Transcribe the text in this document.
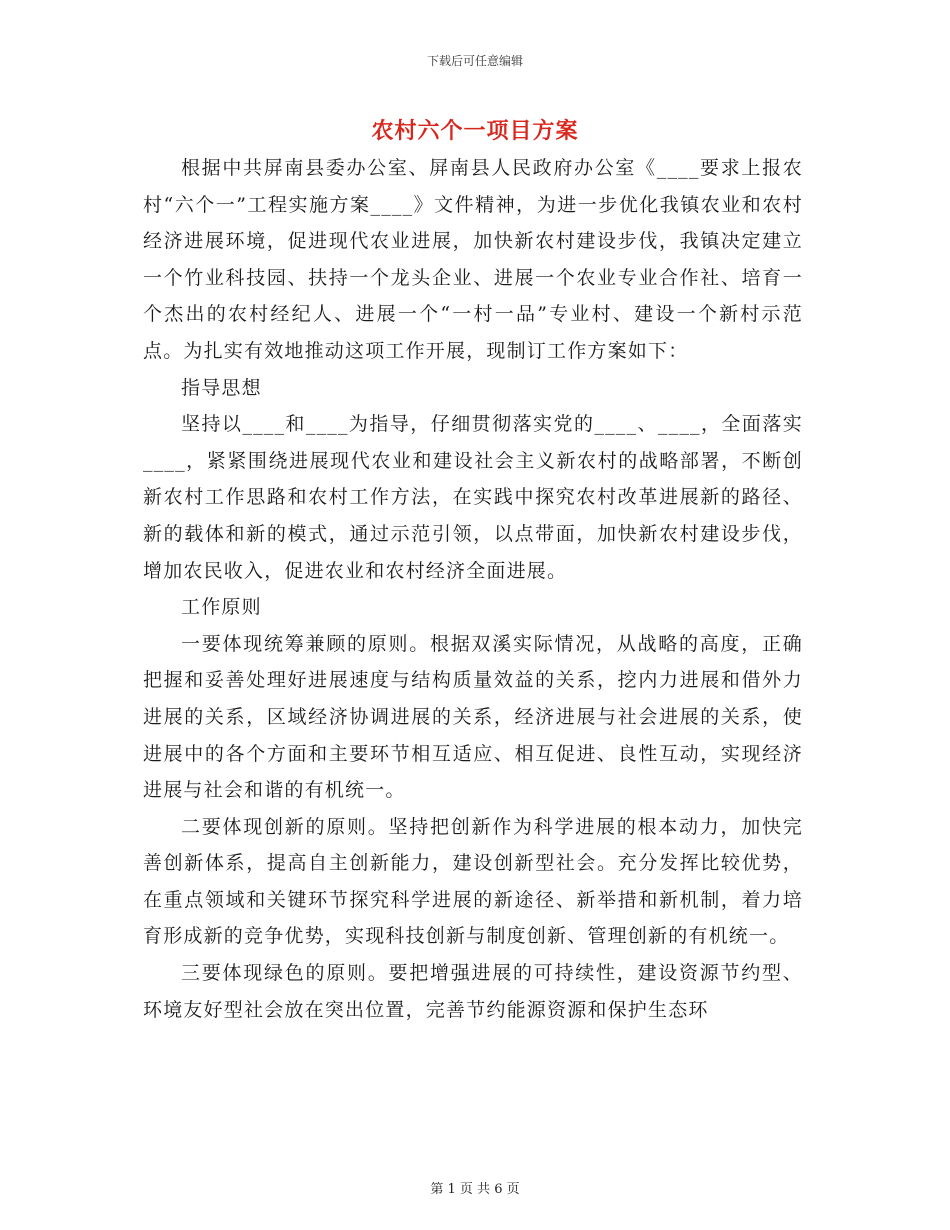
下载后可任意编辑
农村六个一项目方案

根据中共屏南县委办公室、屏南县人民政府办公室《____要求上报农村“六个一”工程实施方案____》文件精神，为进一步优化我镇农业和农村经济进展环境，促进现代农业进展，加快新农村建设步伐，我镇决定建立一个竹业科技园、扶持一个龙头企业、进展一个农业专业合作社、培育一个杰出的农村经纪人、进展一个“一村一品”专业村、建设一个新村示范点。为扎实有效地推动这项工作开展，现制订工作方案如下：

指导思想

坚持以____和____为指导，仔细贯彻落实党的____、____，全面落实____，紧紧围绕进展现代农业和建设社会主义新农村的战略部署，不断创新农村工作思路和农村工作方法，在实践中探究农村改革进展新的路径、新的载体和新的模式，通过示范引领，以点带面，加快新农村建设步伐，增加农民收入，促进农业和农村经济全面进展。

工作原则

一要体现统筹兼顾的原则。根据双溪实际情况，从战略的高度，正确把握和妥善处理好进展速度与结构质量效益的关系，挖内力进展和借外力进展的关系，区域经济协调进展的关系，经济进展与社会进展的关系，使进展中的各个方面和主要环节相互适应、相互促进、良性互动，实现经济进展与社会和谐的有机统一。

二要体现创新的原则。坚持把创新作为科学进展的根本动力，加快完善创新体系，提高自主创新能力，建设创新型社会。充分发挥比较优势，在重点领域和关键环节探究科学进展的新途径、新举措和新机制，着力培育形成新的竞争优势，实现科技创新与制度创新、管理创新的有机统一。

三要体现绿色的原则。要把增强进展的可持续性，建设资源节约型、环境友好型社会放在突出位置，完善节约能源资源和保护生态环

第 1 页 共 6 页
